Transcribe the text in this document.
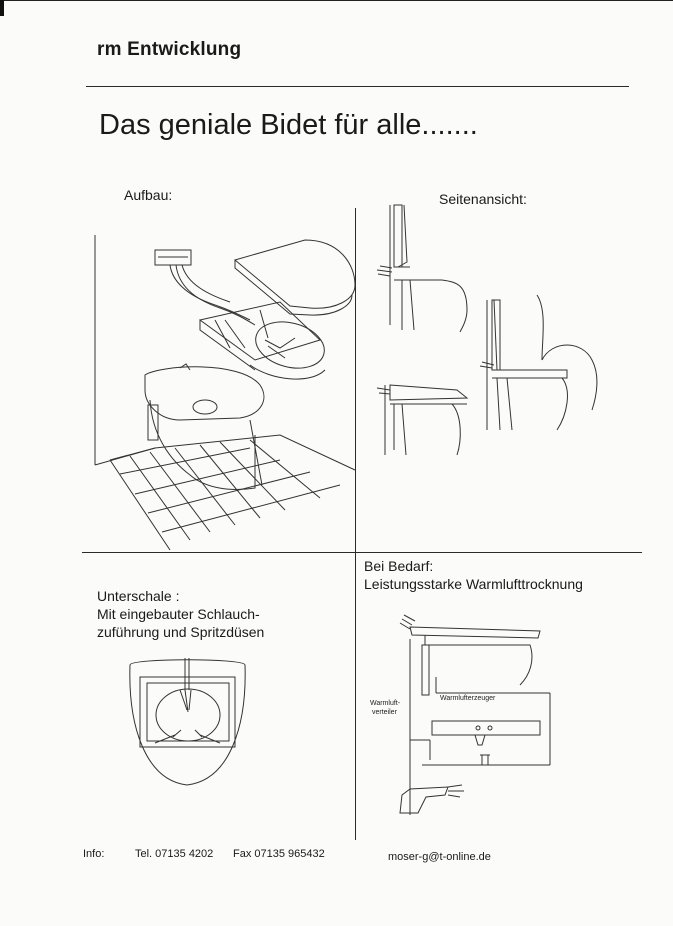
rm Entwicklung
Das geniale Bidet für alle.......
Aufbau:	Seitenansicht:
Unterschale :
Mit eingebauter Schlauch-
zuführung und Spritzdüsen
Bei Bedarf:
Leistungsstarke Warmlufttrocknung
Warmluft-
verteiler
Warmlufterzeuger
Info:	Tel. 07135 4202 Fax 07135 965432	moser-g@t-online.de
